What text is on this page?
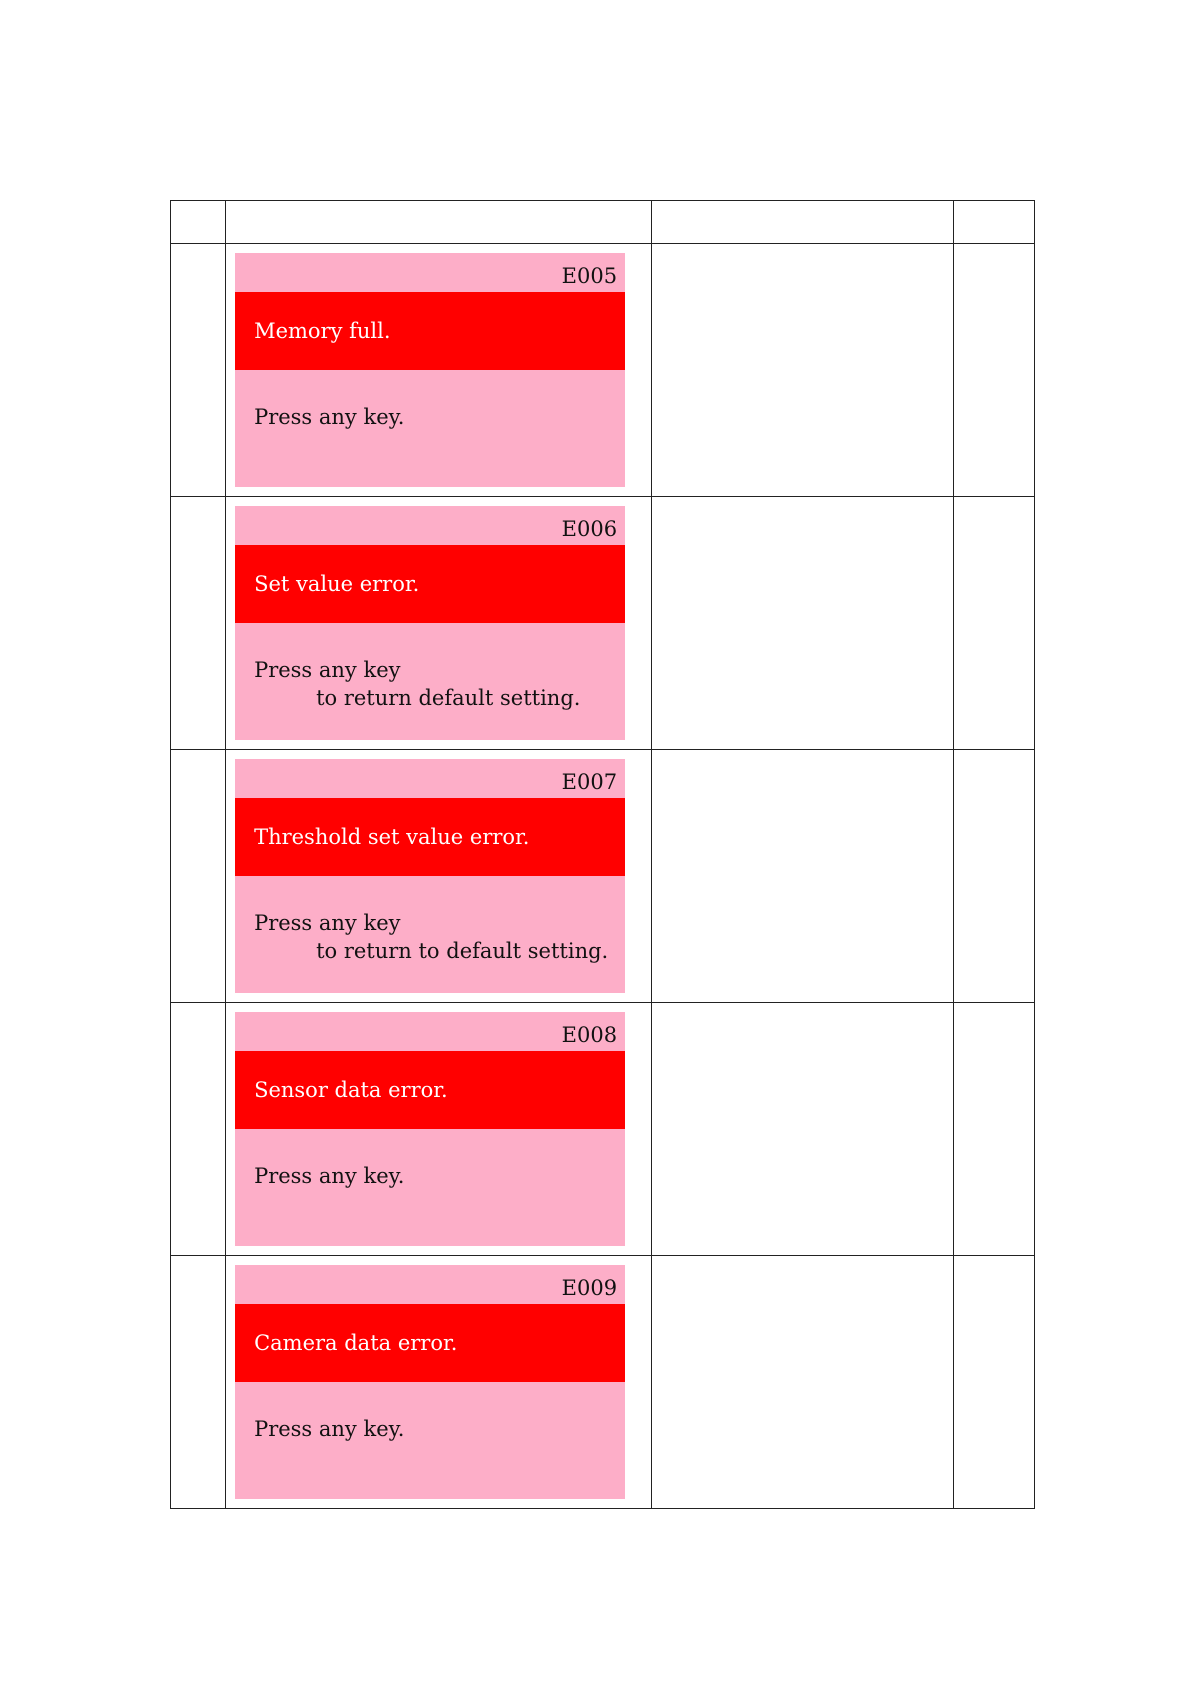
	E005
Memory full.
Press any key.		

	E006
Set value error.
Press any key
to return default setting.		

	E007
Threshold set value error.
Press any key
to return to default setting.		

	E008
Sensor data error.
Press any key.		

	E009
Camera data error.
Press any key.		
